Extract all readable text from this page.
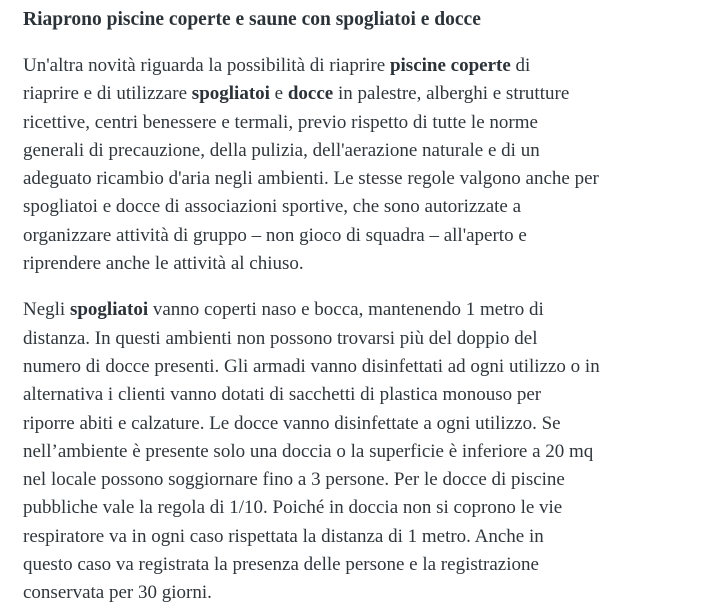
Riaprono piscine coperte e saune con spogliatoi e docce

Un'altra novità riguarda la possibilità di riaprire piscine coperte di
riaprire e di utilizzare spogliatoi e docce in palestre, alberghi e strutture
ricettive, centri benessere e termali, previo rispetto di tutte le norme
generali di precauzione, della pulizia, dell'aerazione naturale e di un
adeguato ricambio d'aria negli ambienti. Le stesse regole valgono anche per
spogliatoi e docce di associazioni sportive, che sono autorizzate a
organizzare attività di gruppo – non gioco di squadra – all'aperto e
riprendere anche le attività al chiuso.

Negli spogliatoi vanno coperti naso e bocca, mantenendo 1 metro di
distanza. In questi ambienti non possono trovarsi più del doppio del
numero di docce presenti. Gli armadi vanno disinfettati ad ogni utilizzo o in
alternativa i clienti vanno dotati di sacchetti di plastica monouso per
riporre abiti e calzature. Le docce vanno disinfettate a ogni utilizzo. Se
nell’ambiente è presente solo una doccia o la superficie è inferiore a 20 mq
nel locale possono soggiornare fino a 3 persone. Per le docce di piscine
pubbliche vale la regola di 1/10. Poiché in doccia non si coprono le vie
respiratore va in ogni caso rispettata la distanza di 1 metro. Anche in
questo caso va registrata la presenza delle persone e la registrazione
conservata per 30 giorni.
